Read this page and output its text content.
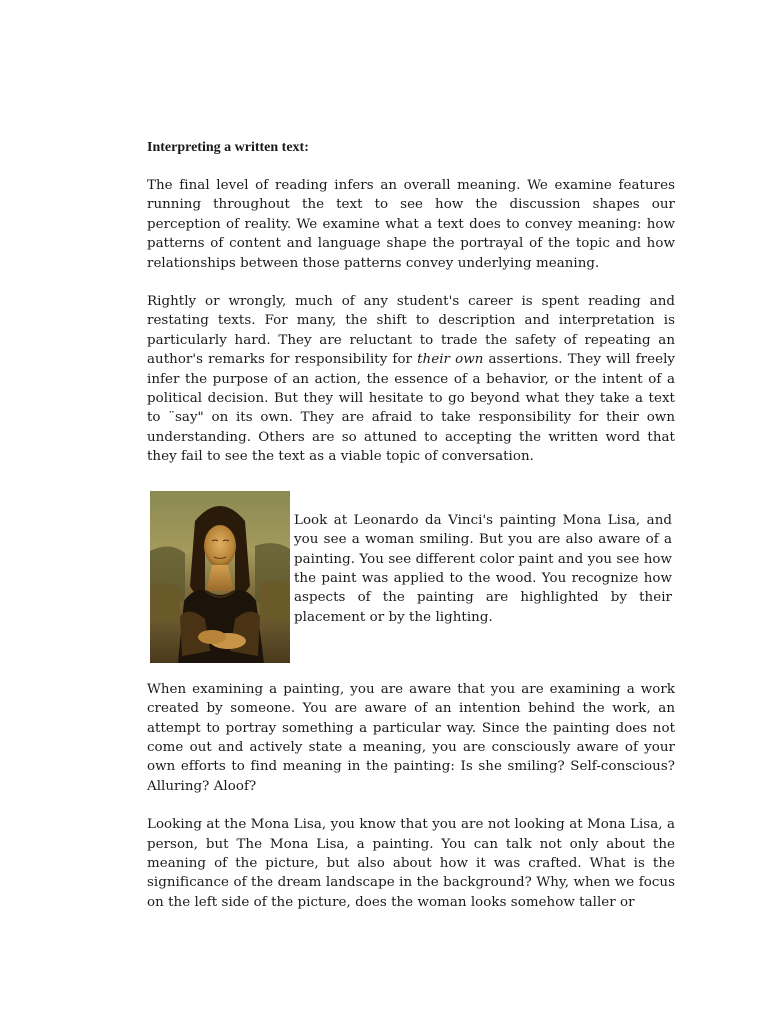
Interpreting a written text:

The final level of reading infers an overall meaning. We examine features running throughout the text to see how the discussion shapes our perception of reality. We examine what a text does to convey meaning: how patterns of content and language shape the portrayal of the topic and how relationships between those patterns convey underlying meaning.

Rightly or wrongly, much of any student's career is spent reading and restating texts. For many, the shift to description and interpretation is particularly hard. They are reluctant to trade the safety of repeating an author's remarks for responsibility for their own assertions. They will freely infer the purpose of an action, the essence of a behavior, or the intent of a political decision. But they will hesitate to go beyond what they take a text to ¨say" on its own. They are afraid to take responsibility for their own understanding. Others are so attuned to accepting the written word that they fail to see the text as a viable topic of conversation.

Look at Leonardo da Vinci's painting Mona Lisa, and you see a woman smiling. But you are also aware of a painting. You see different color paint and you see how the paint was applied to the wood. You recognize how aspects of the painting are highlighted by their placement or by the lighting.

When examining a painting, you are aware that you are examining a work created by someone. You are aware of an intention behind the work, an attempt to portray something a particular way. Since the painting does not come out and actively state a meaning, you are consciously aware of your own efforts to find meaning in the painting: Is she smiling? Self-conscious? Alluring? Aloof?

Looking at the Mona Lisa, you know that you are not looking at Mona Lisa, a person, but The Mona Lisa, a painting. You can talk not only about the meaning of the picture, but also about how it was crafted. What is the significance of the dream landscape in the background? Why, when we focus on the left side of the picture, does the woman looks somehow taller or
